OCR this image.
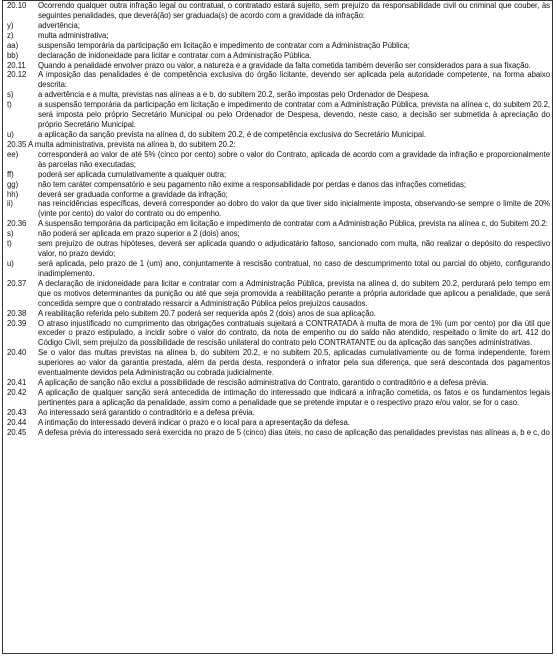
20.10	Ocorrendo qualquer outra infração legal ou contratual, o contratado estará sujeito, sem prejuízo da responsabilidade civil ou criminal que couber, às seguintes penalidades, que deverá(ão) ser graduada(s) de acordo com a gravidade da infração:
y)	advertência;
z)	multa administrativa;
aa)	suspensão temporária da participação em licitação e impedimento de contratar com a Administração Pública;
bb)	declaração de inidoneidade para licitar e contratar com a Administração Pública.
20.11	Quando a penalidade envolver prazo ou valor, a natureza e a gravidade da falta cometida também deverão ser considerados para a sua fixação.
20.12	A imposição das penalidades é de competência exclusiva do órgão licitante, devendo ser aplicada pela autoridade competente, na forma abaixo descrita:
s)	a advertência e a multa, previstas nas alíneas a e b, do subitem 20.2, serão impostas pelo Ordenador de Despesa.
t)	a suspensão temporária da participação em licitação e impedimento de contratar com a Administração Pública, prevista na alínea c, do subitem 20.2, será imposta pelo próprio Secretário Municipal ou pelo Ordenador de Despesa, devendo, neste caso, a decisão ser submetida à apreciação do próprio Secretário Municipal.
u)	a aplicação da sanção prevista na alínea d, do subitem 20.2, é de competência exclusiva do Secretário Municipal.
20.35 A multa administrativa, prevista na alínea b, do subitem 20.2:
ee)	corresponderá ao valor de até 5% (cinco por cento) sobre o valor do Contrato, aplicada de acordo com a gravidade da infração e proporcionalmente às parcelas não executadas;
ff)	poderá ser aplicada cumulativamente a qualquer outra;
gg)	não tem caráter compensatório e seu pagamento não exime a responsabilidade por perdas e danos das infrações cometidas;
hh)	deverá ser graduada conforme a gravidade da infração;
ii)	nas reincidências específicas, deverá corresponder ao dobro do valor da que tiver sido inicialmente imposta, observando-se sempre o limite de 20% (vinte por cento) do valor do contrato ou do empenho.
20.36	A suspensão temporária da participação em licitação e impedimento de contratar com a Administração Pública, prevista na alínea c, do Subitem 20.2:
s)	não poderá ser aplicada em prazo superior a 2 (dois) anos;
t)	sem prejuízo de outras hipóteses, deverá ser aplicada quando o adjudicatário faltoso, sancionado com multa, não realizar o depósito do respectivo valor, no prazo devido;
u)	será aplicada, pelo prazo de 1 (um) ano, conjuntamente à rescisão contratual, no caso de descumprimento total ou parcial do objeto, configurando inadimplemento.
20.37	A declaração de inidoneidade para licitar e contratar com a Administração Pública, prevista na alínea d, do subitem 20.2, perdurará pelo tempo em que os motivos determinantes da punição ou até que seja promovida a reabilitação perante a própria autoridade que aplicou a penalidade, que será concedida sempre que o contratado ressarcir a Administração Pública pelos prejuízos causados.
20.38	A reabilitação referida pelo subitem 20.7 poderá ser requerida após 2 (dois) anos de sua aplicação.
20.39	O atraso injustificado no cumprimento das obrigações contratuais sujeitará a CONTRATADA à multa de mora de 1% (um por cento) por dia útil que exceder o prazo estipulado, a incidir sobre o valor do contrato, da nota de empenho ou do saldo não atendido, respeitado o limite do art. 412 do Código Civil, sem prejuízo da possibilidade de rescisão unilateral do contrato pelo CONTRATANTE ou da aplicação das sanções administrativas.
20.40	Se o valor das multas previstas na alínea b, do subitem 20.2, e no subitem 20.5, aplicadas cumulativamente ou de forma independente, forem superiores ao valor da garantia prestada, além da perda desta, responderá o infrator pela sua diferença, que será descontada dos pagamentos eventualmente devidos pela Administração ou cobrada judicialmente.
20.41	A aplicação de sanção não exclui a possibilidade de rescisão administrativa do Contrato, garantido o contraditório e a defesa prévia.
20.42	A aplicação de qualquer sanção será antecedida de intimação do interessado que indicará a infração cometida, os fatos e os fundamentos legais pertinentes para a aplicação da penalidade, assim como a penalidade que se pretende imputar e o respectivo prazo e/ou valor, se for o caso.
20.43	Ao interessado será garantido o contraditório e a defesa prévia.
20.44	A intimação do interessado deverá indicar o prazo e o local para a apresentação da defesa.
20.45	A defesa prévia do interessado será exercida no prazo de 5 (cinco) dias úteis, no caso de aplicação das penalidades previstas nas alíneas a, b e c, do
